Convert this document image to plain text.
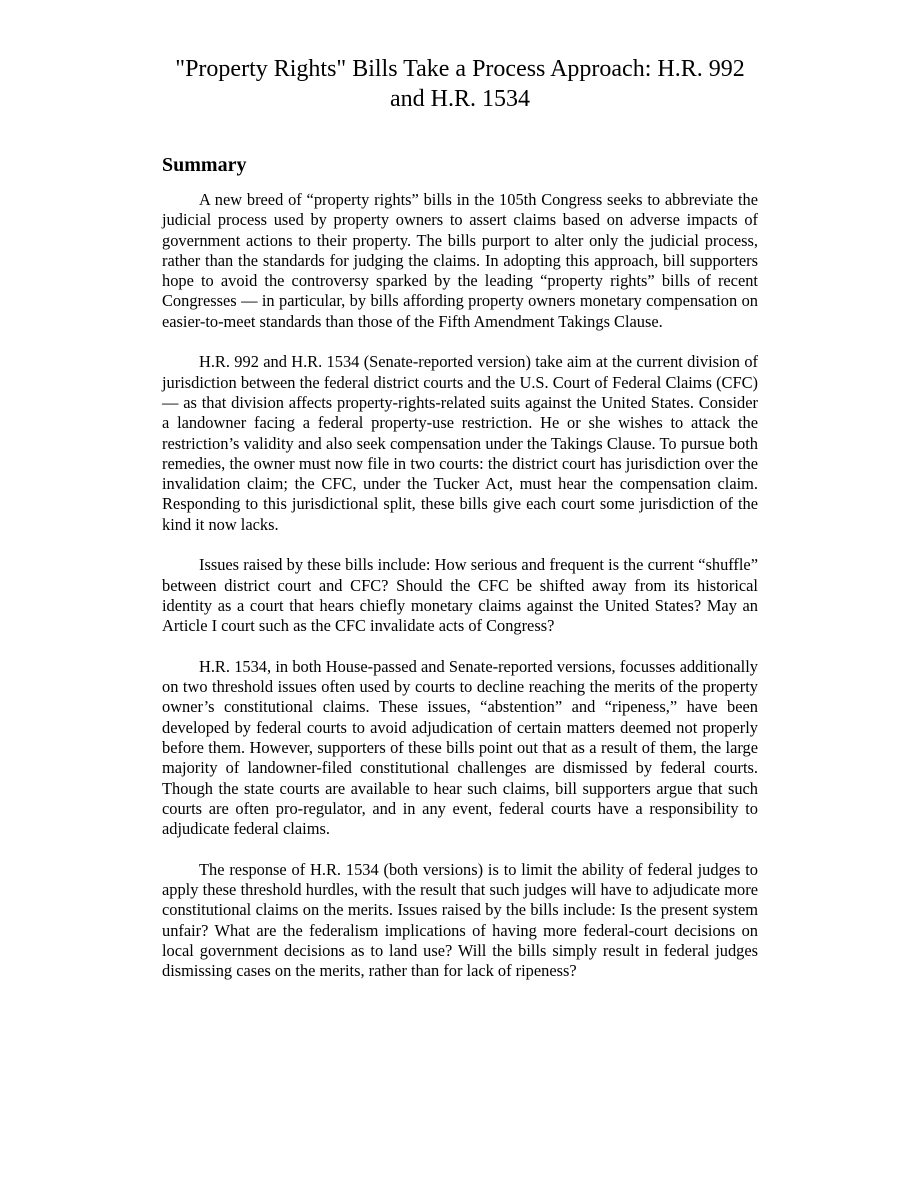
"Property Rights" Bills Take a Process Approach: H.R. 992 and H.R. 1534
Summary

A new breed of “property rights” bills in the 105th Congress seeks to abbreviate the judicial process used by property owners to assert claims based on adverse impacts of government actions to their property. The bills purport to alter only the judicial process, rather than the standards for judging the claims. In adopting this approach, bill supporters hope to avoid the controversy sparked by the leading “property rights” bills of recent Congresses — in particular, by bills affording property owners monetary compensation on easier-to-meet standards than those of the Fifth Amendment Takings Clause.

H.R. 992 and H.R. 1534 (Senate-reported version) take aim at the current division of jurisdiction between the federal district courts and the U.S. Court of Federal Claims (CFC) — as that division affects property-rights-related suits against the United States. Consider a landowner facing a federal property-use restriction. He or she wishes to attack the restriction’s validity and also seek compensation under the Takings Clause. To pursue both remedies, the owner must now file in two courts: the district court has jurisdiction over the invalidation claim; the CFC, under the Tucker Act, must hear the compensation claim. Responding to this jurisdictional split, these bills give each court some jurisdiction of the kind it now lacks.

Issues raised by these bills include: How serious and frequent is the current “shuffle” between district court and CFC? Should the CFC be shifted away from its historical identity as a court that hears chiefly monetary claims against the United States? May an Article I court such as the CFC invalidate acts of Congress?

H.R. 1534, in both House-passed and Senate-reported versions, focusses additionally on two threshold issues often used by courts to decline reaching the merits of the property owner’s constitutional claims. These issues, “abstention” and “ripeness,” have been developed by federal courts to avoid adjudication of certain matters deemed not properly before them. However, supporters of these bills point out that as a result of them, the large majority of landowner-filed constitutional challenges are dismissed by federal courts. Though the state courts are available to hear such claims, bill supporters argue that such courts are often pro-regulator, and in any event, federal courts have a responsibility to adjudicate federal claims.

The response of H.R. 1534 (both versions) is to limit the ability of federal judges to apply these threshold hurdles, with the result that such judges will have to adjudicate more constitutional claims on the merits. Issues raised by the bills include: Is the present system unfair? What are the federalism implications of having more federal-court decisions on local government decisions as to land use? Will the bills simply result in federal judges dismissing cases on the merits, rather than for lack of ripeness?
